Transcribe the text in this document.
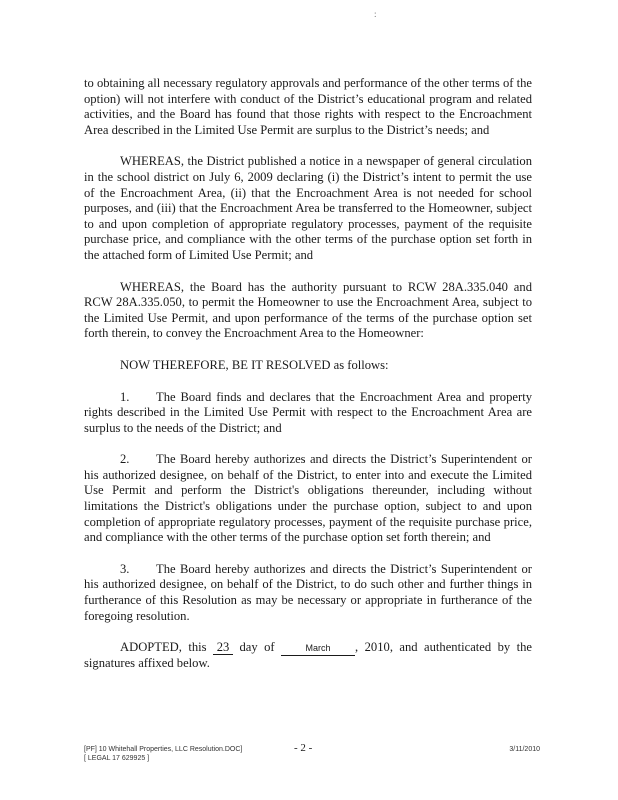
:

to obtaining all necessary regulatory approvals and performance of the other terms of the option) will not interfere with conduct of the District’s educational program and related activities, and the Board has found that those rights with respect to the Encroachment Area described in the Limited Use Permit are surplus to the District’s needs; and

WHEREAS, the District published a notice in a newspaper of general circulation in the school district on July 6, 2009 declaring (i) the District’s intent to permit the use of the Encroachment Area, (ii) that the Encroachment Area is not needed for school purposes, and (iii) that the Encroachment Area be transferred to the Homeowner, subject to and upon completion of appropriate regulatory processes, payment of the requisite purchase price, and compliance with the other terms of the purchase option set forth in the attached form of Limited Use Permit; and

WHEREAS, the Board has the authority pursuant to RCW 28A.335.040 and RCW 28A.335.050, to permit the Homeowner to use the Encroachment Area, subject to the Limited Use Permit, and upon performance of the terms of the purchase option set forth therein, to convey the Encroachment Area to the Homeowner:

NOW THEREFORE, BE IT RESOLVED as follows:

1. The Board finds and declares that the Encroachment Area and property rights described in the Limited Use Permit with respect to the Encroachment Area are surplus to the needs of the District; and

2. The Board hereby authorizes and directs the District’s Superintendent or his authorized designee, on behalf of the District, to enter into and execute the Limited Use Permit and perform the District's obligations thereunder, including without limitations the District's obligations under the purchase option, subject to and upon completion of appropriate regulatory processes, payment of the requisite purchase price, and compliance with the other terms of the purchase option set forth therein; and

3. The Board hereby authorizes and directs the District’s Superintendent or his authorized designee, on behalf of the District, to do such other and further things in furtherance of this Resolution as may be necessary or appropriate in furtherance of the foregoing resolution.

ADOPTED, this 23 day of	March , 2010, and authenticated by the signatures affixed below.

[PF] 10 Whitehall Properties, LLC Resolution.DOC]
[ LEGAL 17 629925 ]
- 2 -	3/11/2010
